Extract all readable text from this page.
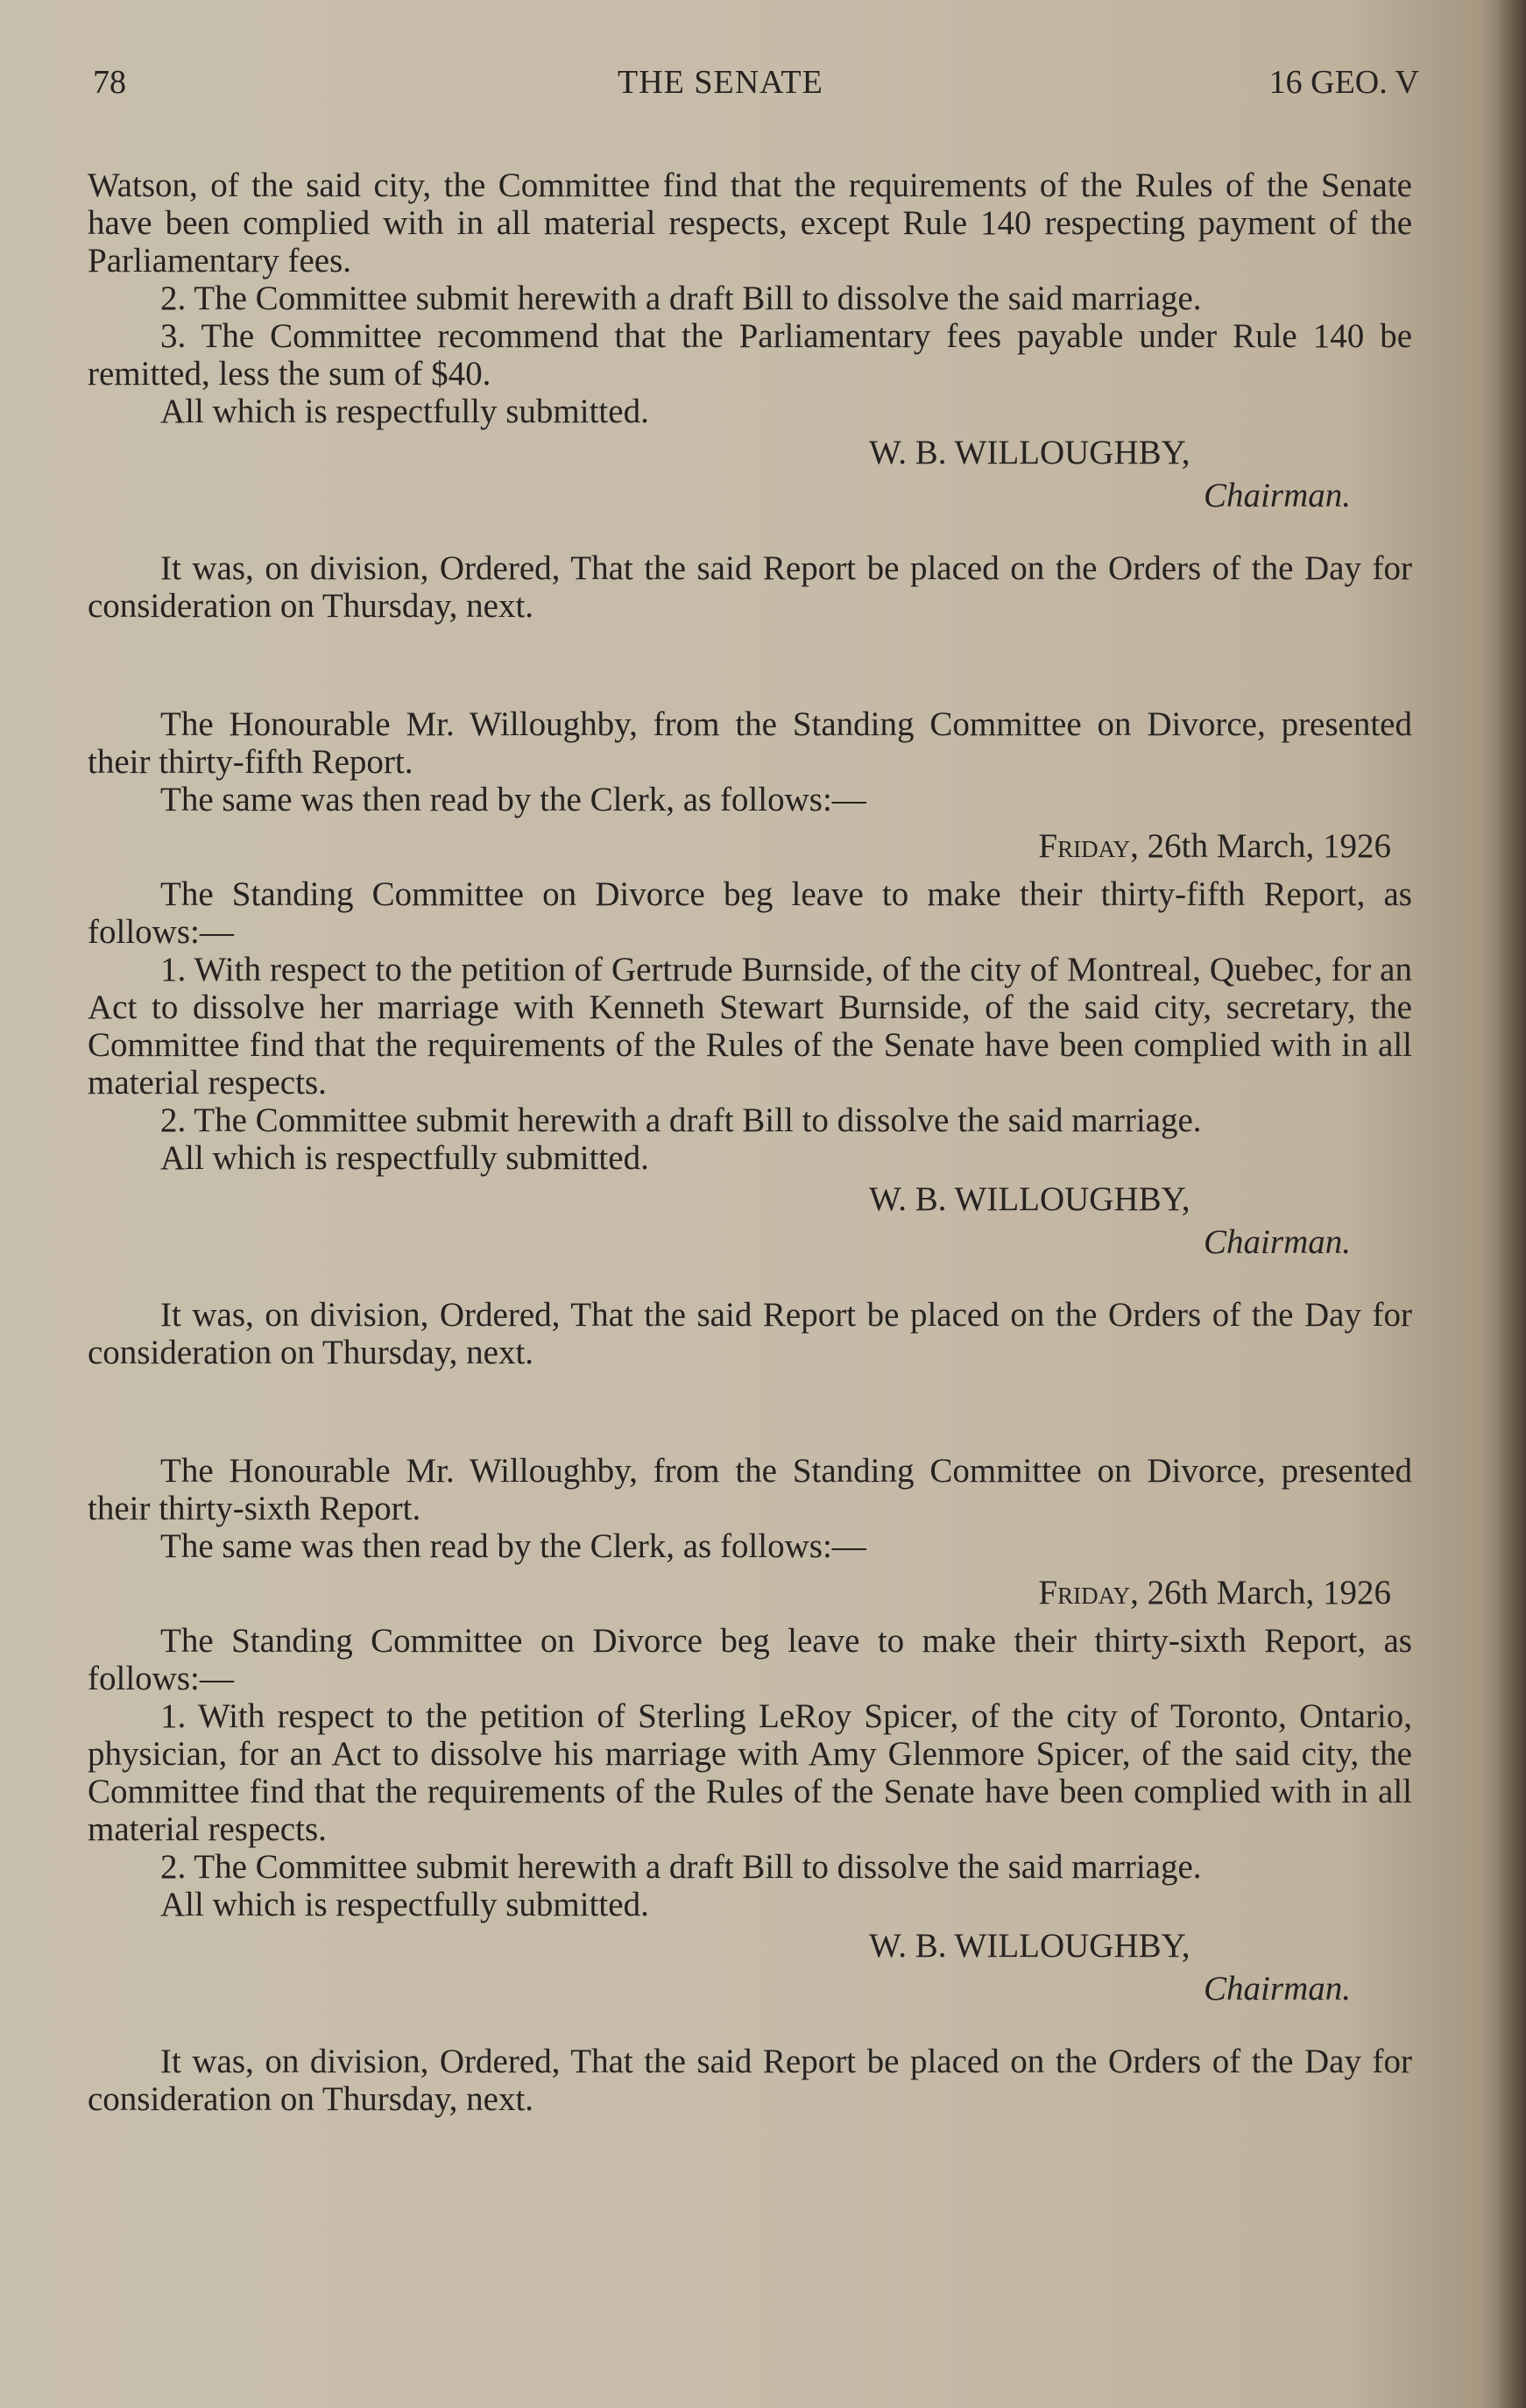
78	THE SENATE	16 GEO. V

Watson, of the said city, the Committee find that the requirements of the Rules of the Senate have been complied with in all material respects, except Rule 140 respecting payment of the Parliamentary fees.

2. The Committee submit herewith a draft Bill to dissolve the said marriage.

3. The Committee recommend that the Parliamentary fees payable under Rule 140 be remitted, less the sum of $40.

All which is respectfully submitted.

W. B. WILLOUGHBY,

Chairman.

It was, on division, Ordered, That the said Report be placed on the Orders of the Day for consideration on Thursday, next.

The Honourable Mr. Willoughby, from the Standing Committee on Divorce, presented their thirty-fifth Report.

The same was then read by the Clerk, as follows:—

Friday, 26th March, 1926

The Standing Committee on Divorce beg leave to make their thirty-fifth Report, as follows:—

1. With respect to the petition of Gertrude Burnside, of the city of Montreal, Quebec, for an Act to dissolve her marriage with Kenneth Stewart Burnside, of the said city, secretary, the Committee find that the requirements of the Rules of the Senate have been complied with in all material respects.

2. The Committee submit herewith a draft Bill to dissolve the said marriage.

All which is respectfully submitted.

W. B. WILLOUGHBY,

Chairman.

It was, on division, Ordered, That the said Report be placed on the Orders of the Day for consideration on Thursday, next.

The Honourable Mr. Willoughby, from the Standing Committee on Divorce, presented their thirty-sixth Report.

The same was then read by the Clerk, as follows:—

Friday, 26th March, 1926

The Standing Committee on Divorce beg leave to make their thirty-sixth Report, as follows:—

1. With respect to the petition of Sterling LeRoy Spicer, of the city of Toronto, Ontario, physician, for an Act to dissolve his marriage with Amy Glenmore Spicer, of the said city, the Committee find that the requirements of the Rules of the Senate have been complied with in all material respects.

2. The Committee submit herewith a draft Bill to dissolve the said marriage.

All which is respectfully submitted.

W. B. WILLOUGHBY,

Chairman.

It was, on division, Ordered, That the said Report be placed on the Orders of the Day for consideration on Thursday, next.
